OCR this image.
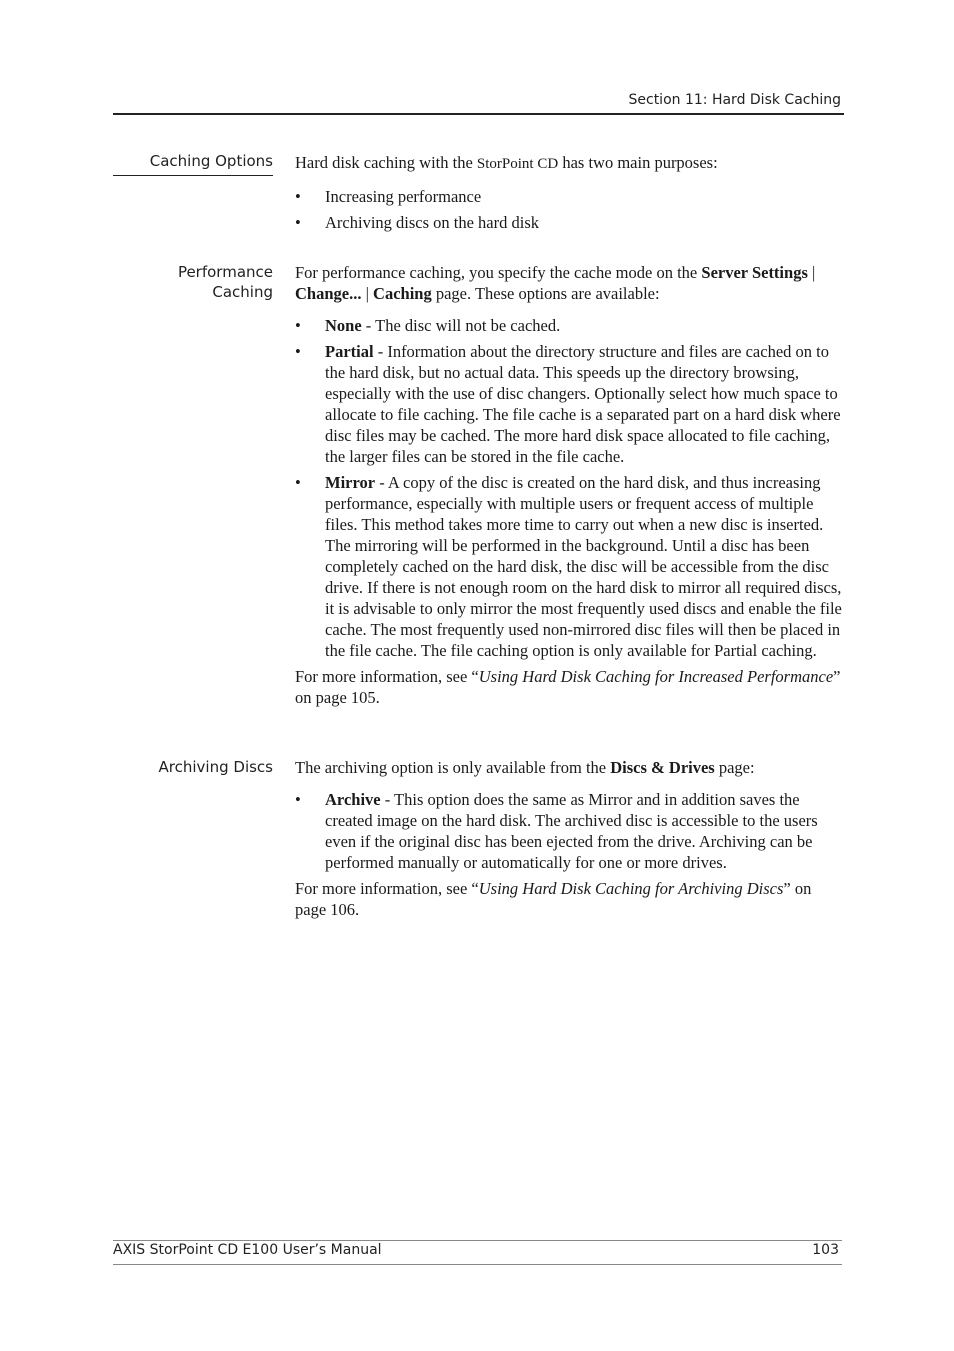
Section 11: Hard Disk Caching
Caching Options Hard disk caching with the StorPoint CD has two main purposes:

• Increasing performance
• Archiving discs on the hard disk
Performance Caching

For performance caching, you specify the cache mode on the Server Settings | Change... | Caching page. These options are available:

• None - The disc will not be cached.
• Partial - Information about the directory structure and files are cached on to the hard disk, but no actual data. This speeds up the directory browsing, especially with the use of disc changers. Optionally select how much space to allocate to file caching. The file cache is a separated part on a hard disk where disc files may be cached. The more hard disk space allocated to file caching, the larger files can be stored in the file cache.
• Mirror - A copy of the disc is created on the hard disk, and thus increasing performance, especially with multiple users or frequent access of multiple files. This method takes more time to carry out when a new disc is inserted. The mirroring will be performed in the background. Until a disc has been completely cached on the hard disk, the disc will be accessible from the disc drive. If there is not enough room on the hard disk to mirror all required discs, it is advisable to only mirror the most frequently used discs and enable the file cache. The most frequently used non-mirrored disc files will then be placed in the file cache. The file caching option is only available for Partial caching.

For more information, see “Using Hard Disk Caching for Increased Performance” on page 105.

Archiving Discs The archiving option is only available from the Discs & Drives page:

• Archive - This option does the same as Mirror and in addition saves the created image on the hard disk. The archived disc is accessible to the users even if the original disc has been ejected from the drive. Archiving can be performed manually or automatically for one or more drives.

For more information, see “Using Hard Disk Caching for Archiving Discs” on page 106.

AXIS StorPoint CD E100 User’s Manual	103
